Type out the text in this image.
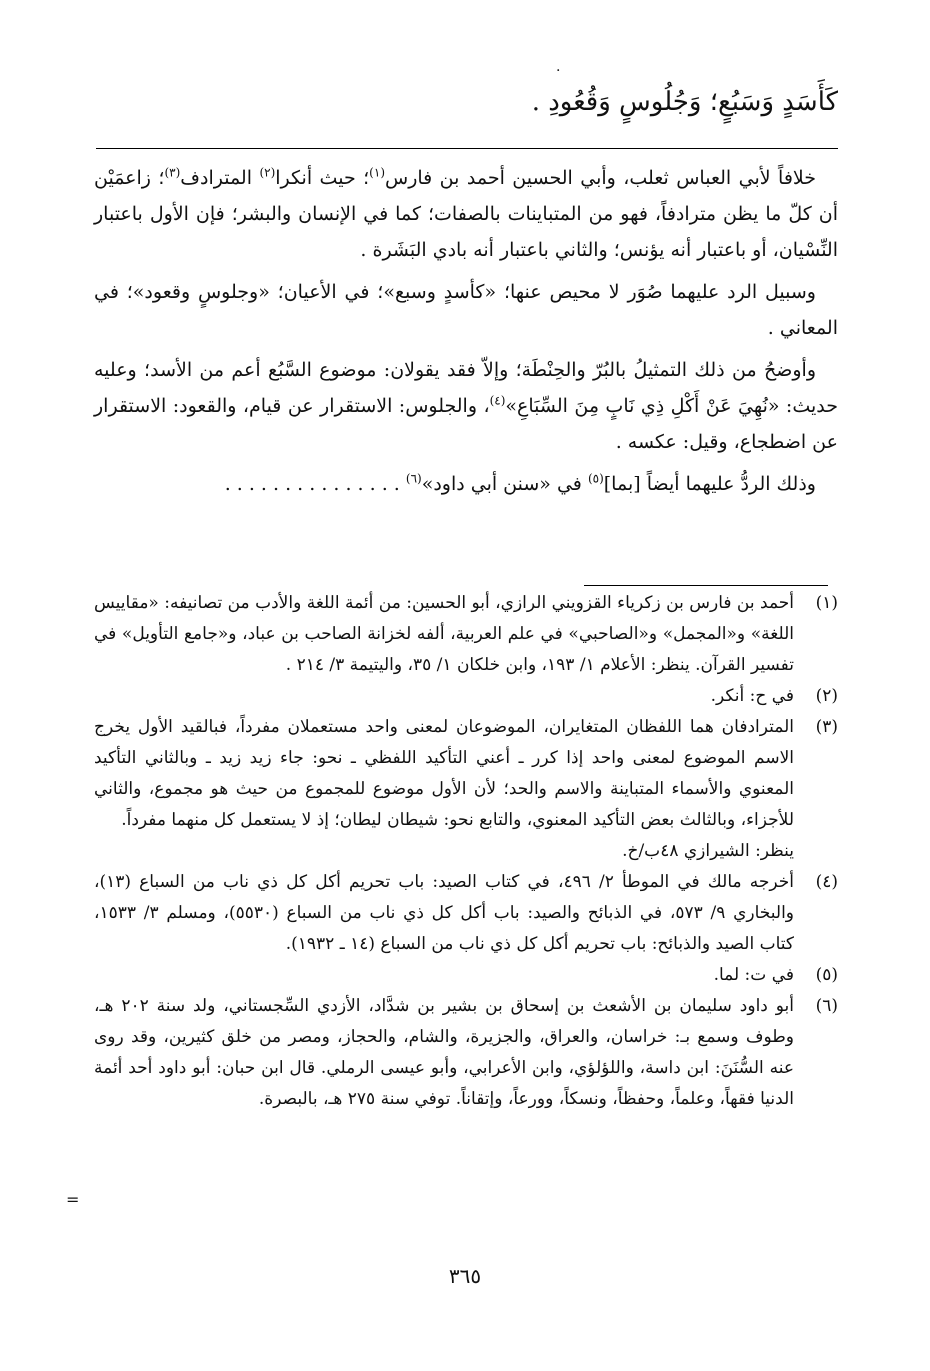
.
كَأَسَدٍ وَسَبُعٍ؛ وَجُلُوسٍ وَقُعُودِ .

خلافاً لأبي العباس ثعلب، وأبي الحسين أحمد بن فارس$^{(١)}$؛ حيث أنكرا$^{(٢)}$ المترادف$^{(٣)}$؛ زاعمَيْن أن كلّ ما يظن مترادفاً، فهو من المتباينات بالصفات؛ كما في الإنسان والبشر؛ فإن الأول باعتبار النِّسْيان، أو باعتبار أنه يؤنس؛ والثاني باعتبار أنه بادي البَشَرة .

وسبيل الرد عليهما صُوَر لا محيص عنها؛ «كأسدٍ وسبع»؛ في الأعيان؛ «وجلوسٍ وقعود»؛ في المعاني .

وأوضحُ من ذلك التمثيلُ بالبُرّ والحِنْطَة؛ وإلاّ فقد يقولان: موضوع السَّبُع أعم من الأسد؛ وعليه حديث: «نُهِيَ عَنْ أَكْلِ ذِي نَابٍ مِنَ السِّبَاعِ»$^{(٤)}$، والجلوس: الاستقرار عن قيام، والقعود: الاستقرار عن اضطجاع، وقيل: عكسه .

وذلك الردُّ عليهما أيضاً [بما]$^{(٥)}$ في «سنن أبي داود»$^{(٦)}$ . . . . . . . . . . . . . . .

(١)

أحمد بن فارس بن زكرياء القزويني الرازي، أبو الحسين: من أئمة اللغة والأدب من تصانيفه: «مقاييس اللغة» و«المجمل» و«الصاحبي» في علم العربية، ألفه لخزانة الصاحب بن عباد، و«جامع التأويل» في تفسير القرآن. ينظر: الأعلام ١/ ١٩٣، وابن خلكان ١/ ٣٥، واليتيمة ٣/ ٢١٤ .

(٢)

في ح: أنكر.

(٣)

المترادفان هما اللفظان المتغايران، الموضوعان لمعنى واحد مستعملان مفرداً، فبالقيد الأول يخرج الاسم الموضوع لمعنى واحد إذا كرر ـ أعني التأكيد اللفظي ـ نحو: جاء زيد زيد ـ وبالثاني التأكيد المعنوي والأسماء المتباينة والاسم والحد؛ لأن الأول موضوع للمجموع من حيث هو مجموع، والثاني للأجزاء، وبالثالث بعض التأكيد المعنوي، والتابع نحو: شيطان ليطان؛ إذ لا يستعمل كل منهما مفرداً.

ينظر: الشيرازي ٤٨ب/خ.

(٤)

أخرجه مالك في الموطأ ٢/ ٤٩٦، في كتاب الصيد: باب تحريم أكل كل ذي ناب من السباع (١٣)، والبخاري ٩/ ٥٧٣، في الذبائح والصيد: باب أكل كل ذي ناب من السباع (٥٥٣٠)، ومسلم ٣/ ١٥٣٣، كتاب الصيد والذبائح: باب تحريم أكل كل ذي ناب من السباع (١٤ ـ ١٩٣٢).

(٥)

في ت: لما.

(٦)

أبو داود سليمان بن الأشعث بن إسحاق بن بشير بن شدَّاد، الأزدي السِّجستاني، ولد سنة ٢٠٢ هـ، وطوف وسمع بـ: خراسان، والعراق، والجزيرة، والشام، والحجاز، ومصر من خلق كثيرين، وقد روى عنه السُّنَنَ: ابن داسة، واللؤلؤي، وابن الأعرابي، وأبو عيسى الرملي. قال ابن حبان: أبو داود أحد أئمة الدنيا فقهاً، وعلماً، وحفظاً، ونسكاً، وورعاً، وإتقاناً. توفي سنة ٢٧٥ هـ، بالبصرة.

=
٣٦٥
